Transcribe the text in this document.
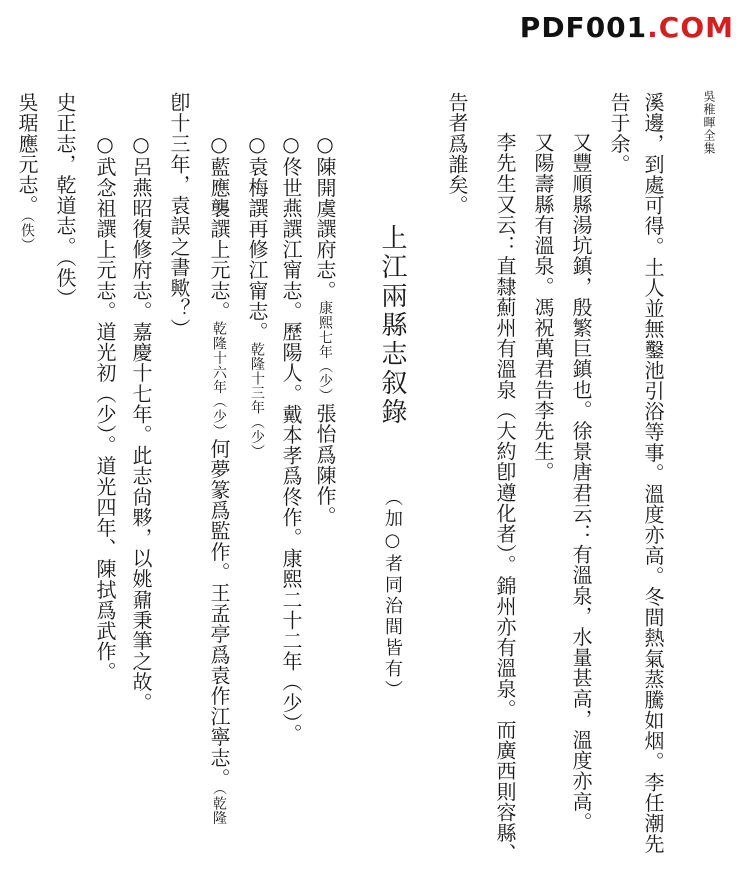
PDF001.COM
吳稚暉全集
上江兩縣志叙錄 （加○者同治間皆有）	溪邊，到處可得。土人並無鑿池引浴等事。溫度亦高。冬間熱氣蒸騰如烟。李任潮先
告于余。
又豐順縣湯坑鎮，殷繁巨鎮也。徐景唐君云：有溫泉，水量甚高，溫度亦高。
又陽壽縣有溫泉。馮祝萬君告李先生。
李先生又云：直隸薊州有溫泉（大約卽遵化者）。錦州亦有溫泉。而廣西則容縣、
告者爲誰矣。
○陳開虞譔府志。康熙七年（少）張怡爲陳作。
○佟世燕譔江甯志。歷陽人。戴本孝爲佟作。康熙二十二年（少）。
○袁梅譔再修江甯志。乾隆十三年（少）
○藍應襲譔上元志。乾隆十六年（少）何夢篆爲監作。王孟亭爲袁作江寧志。（乾隆
卽十三年，袁誤之書歟？）
○呂燕昭復修府志。嘉慶十七年。此志尙夥，以姚鼐秉筆之故。
○武念祖譔上元志。道光初（少）。道光四年、陳拭爲武作。
史正志，乾道志。（佚）
吳琚應元志。（佚）
